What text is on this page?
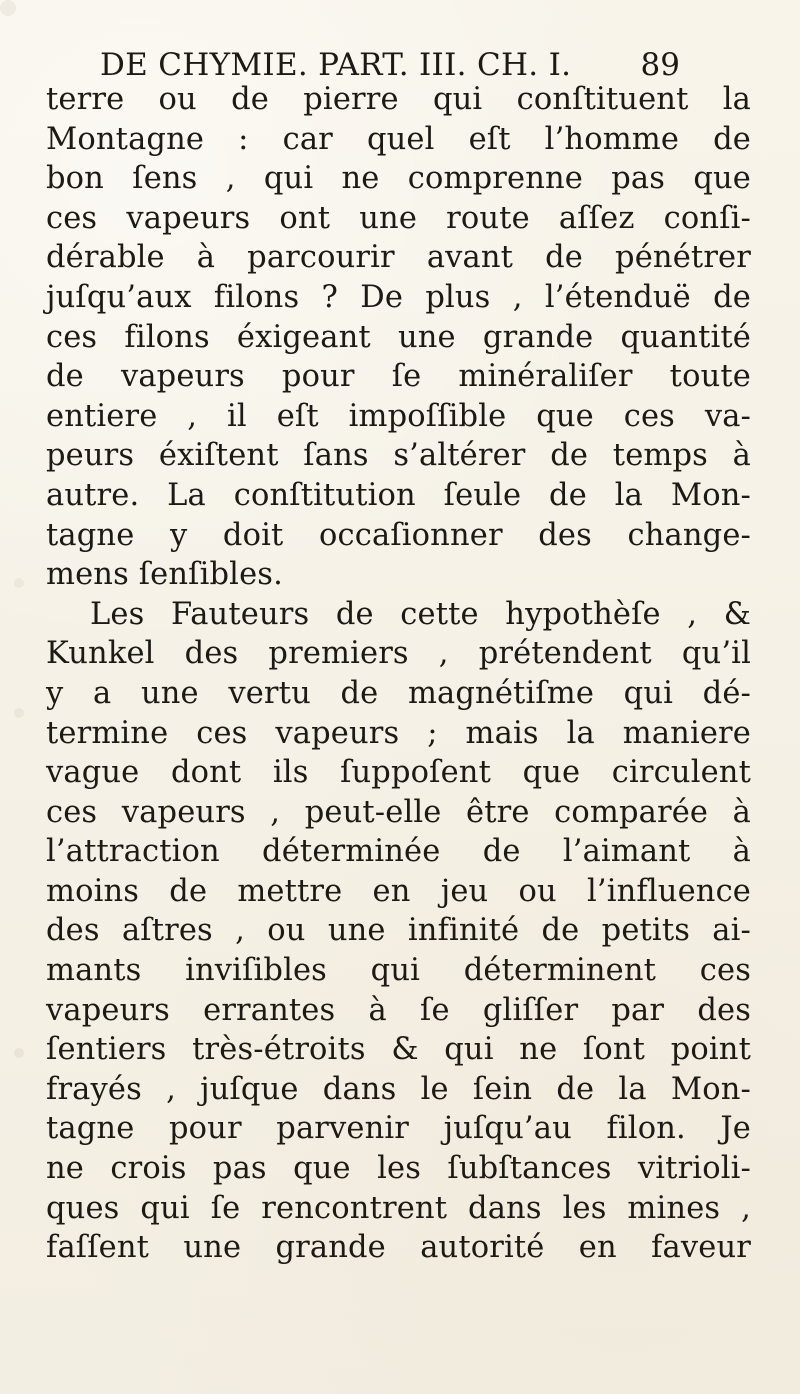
DE CHYMIE. PART. III. CH. I. 89
terre ou de pierre qui conſtituent la
Montagne : car quel eſt l’homme de
bon ſens , qui ne comprenne pas que
ces vapeurs ont une route aſſez conſi-
dérable à parcourir avant de pénétrer
juſqu’aux filons ? De plus , l’étenduë de
ces filons éxigeant une grande quantité
de vapeurs pour ſe minéraliſer toute
entiere , il eſt impoſſible que ces va-
peurs éxiſtent ſans s’altérer de temps à
autre. La conſtitution ſeule de la Mon-
tagne y doit occaſionner des change-
mens ſenſibles.
Les Fauteurs de cette hypothèſe , &
Kunkel des premiers , prétendent qu’il
y a une vertu de magnétiſme qui dé-
termine ces vapeurs ; mais la maniere
vague dont ils ſuppoſent que circulent
ces vapeurs , peut-elle être comparée à
l’attraction déterminée de l’aimant à
moins de mettre en jeu ou l’influence
des aſtres , ou une infinité de petits ai-
mants inviſibles qui déterminent ces
vapeurs errantes à ſe gliſſer par des
ſentiers très-étroits & qui ne ſont point
frayés , juſque dans le ſein de la Mon-
tagne pour parvenir juſqu’au filon. Je
ne crois pas que les ſubſtances vitrioli-
ques qui ſe rencontrent dans les mines ,
faſſent une grande autorité en faveur
